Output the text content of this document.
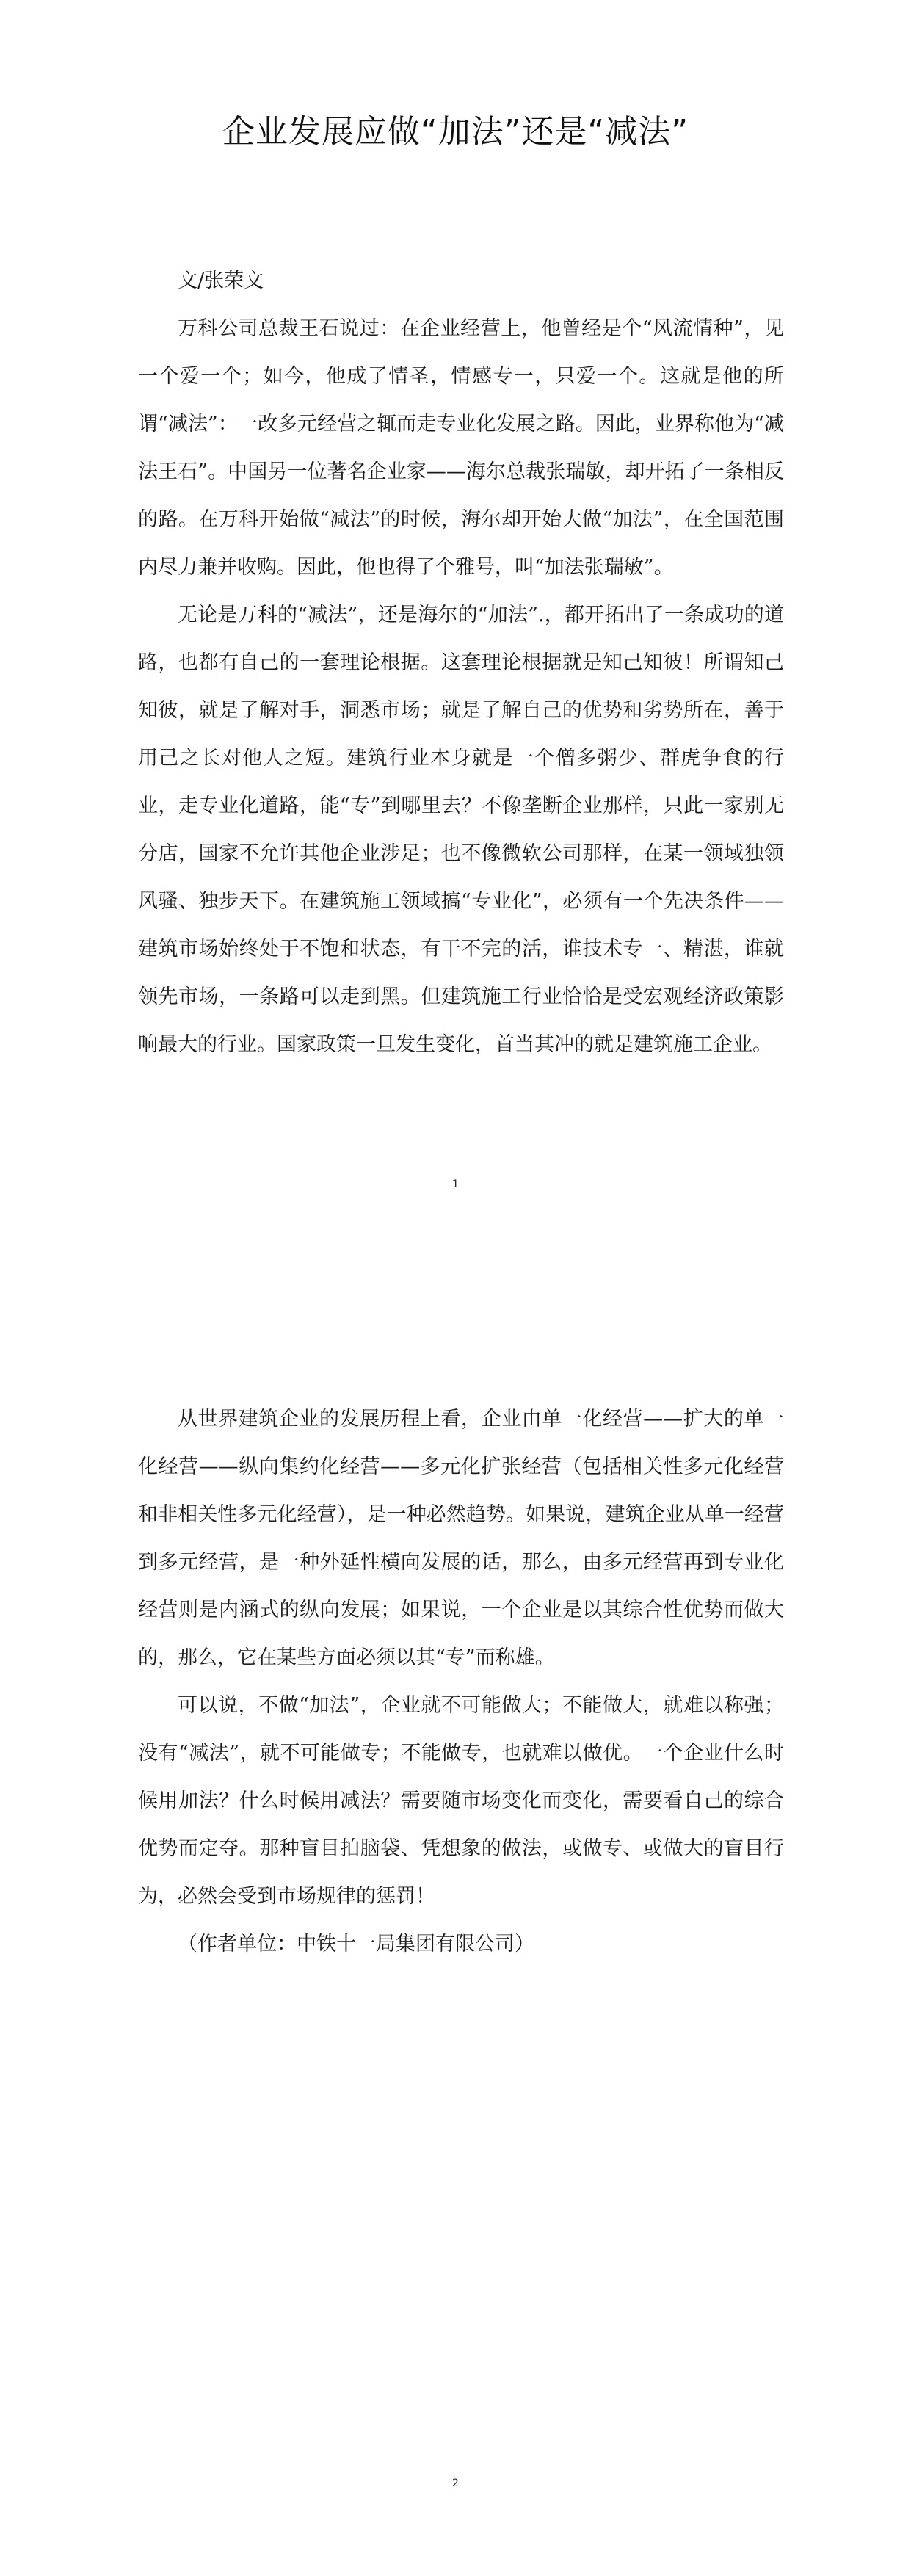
企业发展应做“加法”还是“减法”

文/张荣文

万科公司总裁王石说过：在企业经营上，他曾经是个“风流情种”，见一个爱一个；如今，他成了情圣，情感专一，只爱一个。这就是他的所谓“减法”：一改多元经营之辄而走专业化发展之路。因此，业界称他为“减法王石”。中国另一位著名企业家——海尔总裁张瑞敏，却开拓了一条相反的路。在万科开始做“减法”的时候，海尔却开始大做“加法”，在全国范围内尽力兼并收购。因此，他也得了个雅号，叫“加法张瑞敏”。

无论是万科的“减法”，还是海尔的“加法”.，都开拓出了一条成功的道路，也都有自己的一套理论根据。这套理论根据就是知己知彼！所谓知己知彼，就是了解对手，洞悉市场；就是了解自己的优势和劣势所在，善于用己之长对他人之短。建筑行业本身就是一个僧多粥少、群虎争食的行业，走专业化道路，能“专”到哪里去？不像垄断企业那样，只此一家别无分店，国家不允许其他企业涉足；也不像微软公司那样，在某一领域独领风骚、独步天下。在建筑施工领域搞“专业化”，必须有一个先决条件——建筑市场始终处于不饱和状态，有干不完的活，谁技术专一、精湛，谁就领先市场，一条路可以走到黑。但建筑施工行业恰恰是受宏观经济政策影响最大的行业。国家政策一旦发生变化，首当其冲的就是建筑施工企业。

1

从世界建筑企业的发展历程上看，企业由单一化经营——扩大的单一化经营——纵向集约化经营——多元化扩张经营（包括相关性多元化经营和非相关性多元化经营），是一种必然趋势。如果说，建筑企业从单一经营到多元经营，是一种外延性横向发展的话，那么，由多元经营再到专业化经营则是内涵式的纵向发展；如果说，一个企业是以其综合性优势而做大的，那么，它在某些方面必须以其“专”而称雄。

可以说，不做“加法”，企业就不可能做大；不能做大，就难以称强；没有“减法”，就不可能做专；不能做专，也就难以做优。一个企业什么时候用加法？什么时候用减法？需要随市场变化而变化，需要看自己的综合优势而定夺。那种盲目拍脑袋、凭想象的做法，或做专、或做大的盲目行为，必然会受到市场规律的惩罚！

（作者单位：中铁十一局集团有限公司）

2
